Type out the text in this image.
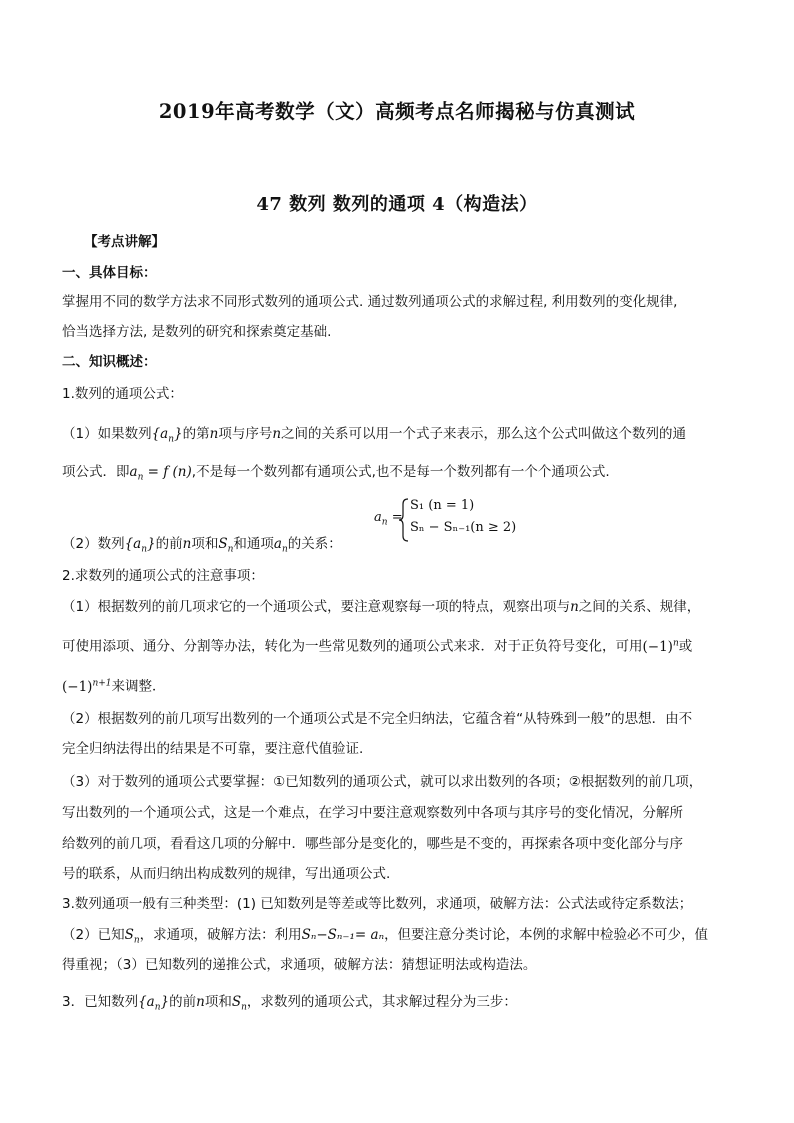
2019年高考数学（文）高频考点名师揭秘与仿真测试
47 数列 数列的通项 4（构造法）
【考点讲解】
一、具体目标：
掌握用不同的数学方法求不同形式数列的通项公式. 通过数列通项公式的求解过程, 利用数列的变化规律,
恰当选择方法, 是数列的研究和探索奠定基础.
二、知识概述：
1.数列的通项公式：
（1）如果数列$\{a_n\}$的第n项与序号n之间的关系可以用一个式子来表示，那么这个公式叫做这个数列的通
项公式．即$a_n = f$ (n),不是每一个数列都有通项公式,也不是每一个数列都有一个个通项公式.
$a_n$ =
S₁ (n = 1)
Sₙ − Sₙ₋₁(n ≥ 2)
（2）数列$\{a_n\}$的前n项和$S_n$和通项$a_n$的关系：
2.求数列的通项公式的注意事项：
（1）根据数列的前几项求它的一个通项公式，要注意观察每一项的特点，观察出项与n之间的关系、规律，
可使用添项、通分、分割等办法，转化为一些常见数列的通项公式来求．对于正负符号变化，可用$(-1)^n$或
$(-1)^{n+1}$来调整．
（2）根据数列的前几项写出数列的一个通项公式是不完全归纳法，它蕴含着“从特殊到一般”的思想．由不
完全归纳法得出的结果是不可靠，要注意代值验证.
（3）对于数列的通项公式要掌握：①已知数列的通项公式，就可以求出数列的各项；②根据数列的前几项，
写出数列的一个通项公式，这是一个难点，在学习中要注意观察数列中各项与其序号的变化情况，分解所
给数列的前几项，看看这几项的分解中．哪些部分是变化的，哪些是不变的，再探索各项中变化部分与序
号的联系，从而归纳出构成数列的规律，写出通项公式.
3.数列通项一般有三种类型：(1) 已知数列是等差或等比数列，求通项，破解方法：公式法或待定系数法；
（2）已知$S_n$，求通项，破解方法：利用Sₙ−Sₙ₋₁= aₙ，但要注意分类讨论，本例的求解中检验必不可少，值
得重视；（3）已知数列的递推公式，求通项，破解方法：猜想证明法或构造法。
3．已知数列$\{a_n\}$的前n项和$S_n$，求数列的通项公式，其求解过程分为三步：
